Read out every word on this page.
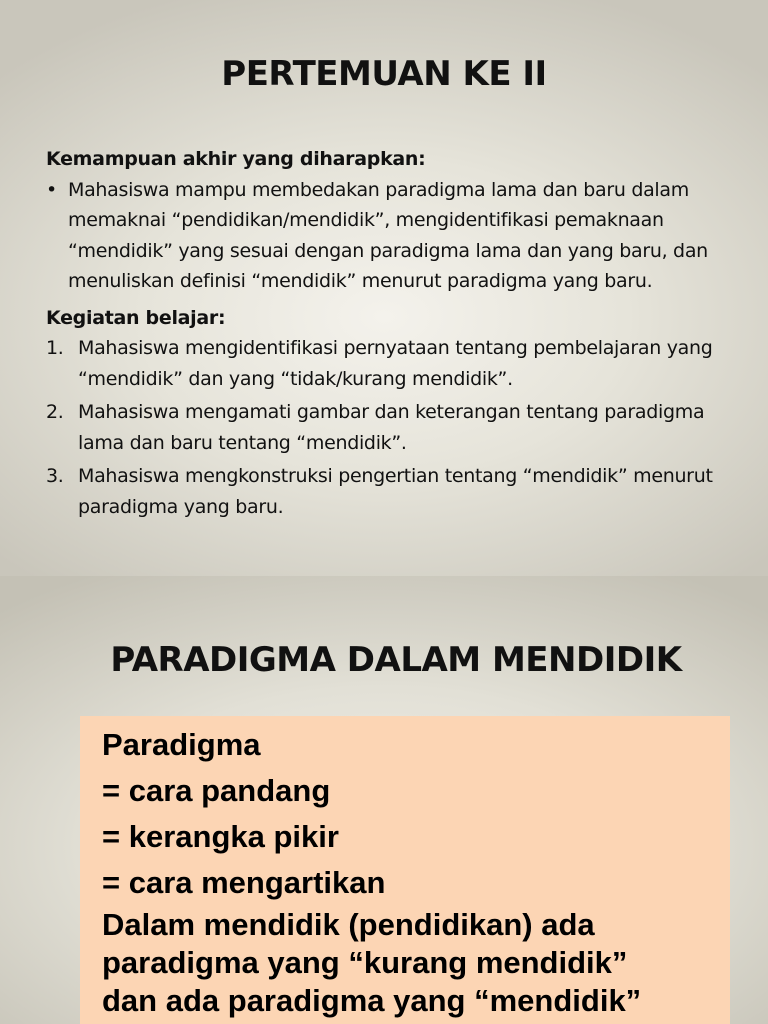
PERTEMUAN KE II

Kemampuan akhir yang diharapkan:

• Mahasiswa mampu membedakan paradigma lama dan baru dalam memaknai “pendidikan/mendidik”, mengidentifikasi pemaknaan “mendidik” yang sesuai dengan paradigma lama dan yang baru, dan menuliskan definisi “mendidik” menurut paradigma yang baru.

Kegiatan belajar:

1. Mahasiswa mengidentifikasi pernyataan tentang pembelajaran yang “mendidik” dan yang “tidak/kurang mendidik”.
2. Mahasiswa mengamati gambar dan keterangan tentang paradigma lama dan baru tentang “mendidik”.
3. Mahasiswa mengkonstruksi pengertian tentang “mendidik” menurut paradigma yang baru.
PARADIGMA DALAM MENDIDIK
Paradigma
= cara pandang
= kerangka pikir
= cara mengartikan
Dalam mendidik (pendidikan) ada
paradigma yang “kurang mendidik”
dan ada paradigma yang “mendidik”
